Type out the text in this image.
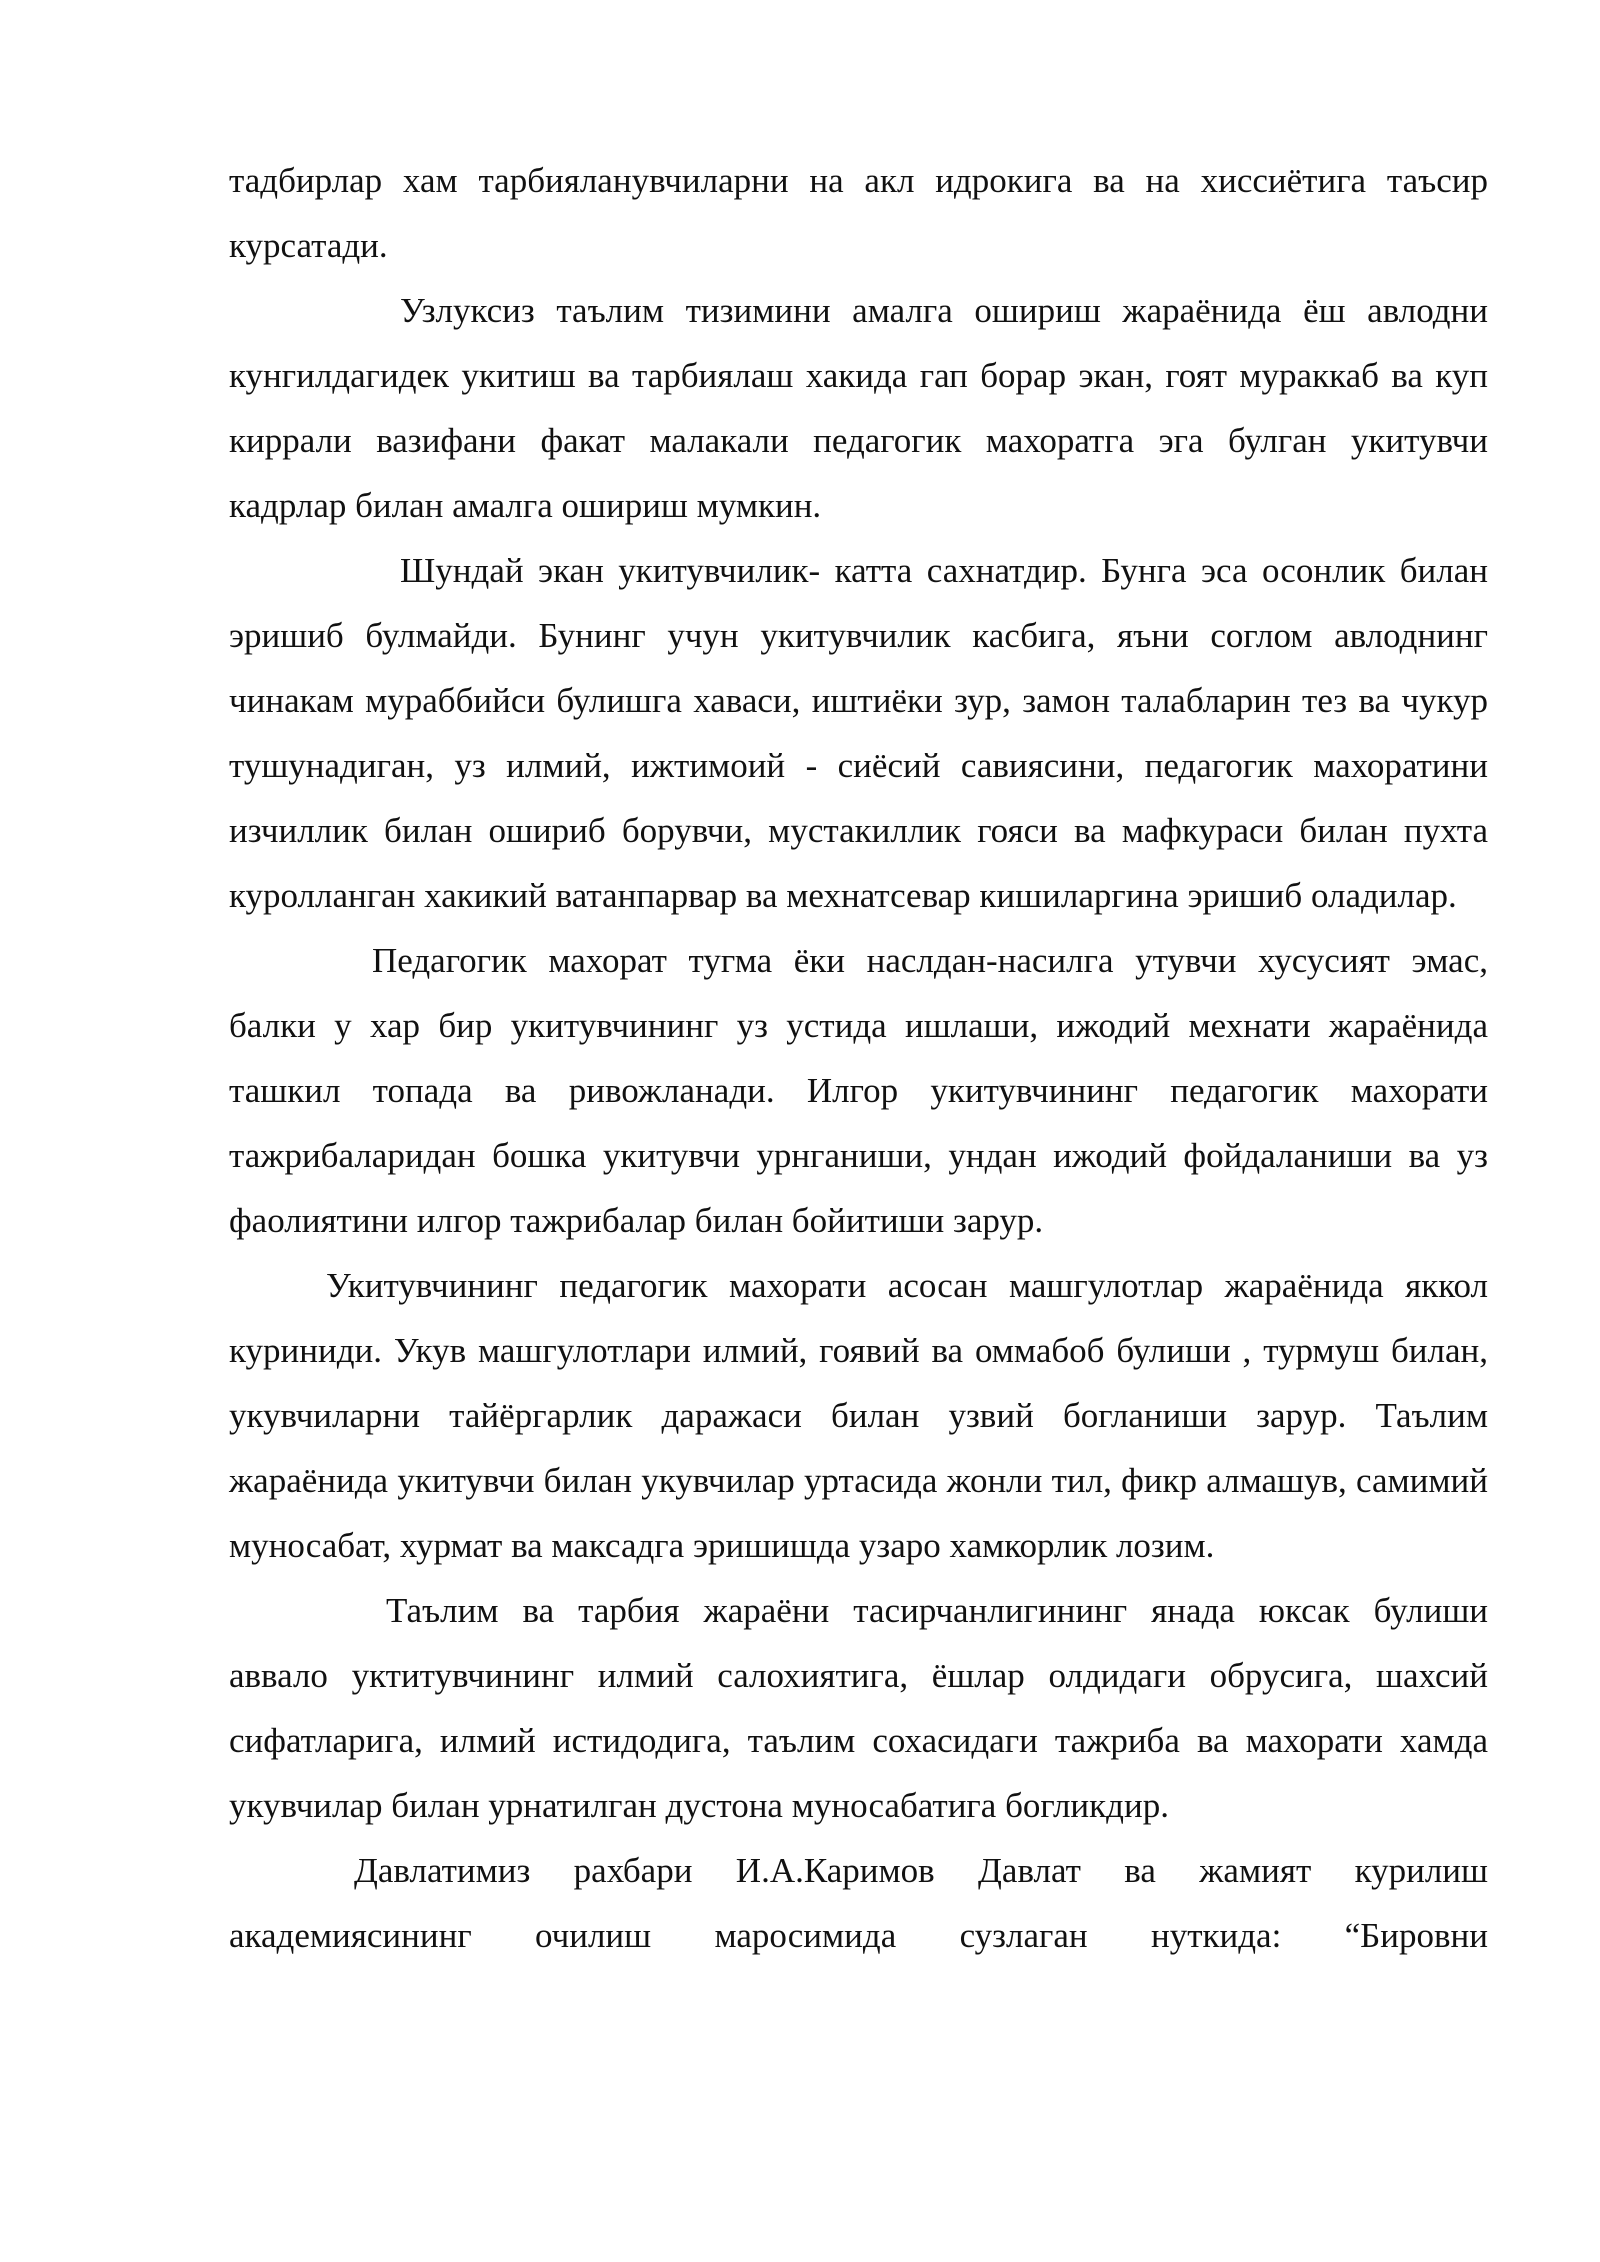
тадбирлар хам тарбияланувчиларни на акл идрокига ва на хиссиётига таъсир курсатади.

Узлуксиз таълим тизимини амалга ошириш жараёнида ёш авлодни кунгилдагидек укитиш ва тарбиялаш хакида гап борар экан, гоят мураккаб ва куп киррали вазифани факат малакали педагогик махоратга эга булган укитувчи кадрлар билан амалга ошириш мумкин.

Шундай экан укитувчилик- катта сахнатдир. Бунга эса осонлик билан эришиб булмайди. Бунинг учун укитувчилик касбига, яъни соглом авлоднинг чинакам мураббийси булишга хаваси, иштиёки зур, замон талабларин тез ва чукур тушунадиган, уз илмий, ижтимоий - сиёсий савиясини, педагогик махоратини изчиллик билан ошириб борувчи, мустакиллик гояси ва мафкураси билан пухта куролланган хакикий ватанпарвар ва мехнатсевар кишиларгина эришиб оладилар.

Педагогик махорат тугма ёки наслдан-насилга утувчи хусусият эмас, балки у хар бир укитувчининг уз устида ишлаши, ижодий мехнати жараёнида ташкил топада ва ривожланади. Илгор укитувчининг педагогик махорати тажрибаларидан бошка укитувчи урнганиши, ундан ижодий фойдаланиши ва уз фаолиятини илгор тажрибалар билан бойитиши зарур.

Укитувчининг педагогик махорати асосан машгулотлар жараёнида яккол куриниди. Укув машгулотлари илмий, гоявий ва оммабоб булиши , турмуш билан, укувчиларни тайёргарлик даражаси билан узвий богланиши зарур. Таълим жараёнида укитувчи билан укувчилар уртасида жонли тил, фикр алмашув, самимий муносабат, хурмат ва максадга эришишда узаро хамкорлик лозим.

Таълим ва тарбия жараёни тасирчанлигининг янада юксак булиши аввало уктитувчининг илмий салохиятига, ёшлар олдидаги обрусига, шахсий сифатларига, илмий истидодига, таълим сохасидаги тажриба ва махорати хамда укувчилар билан урнатилган дустона муносабатига богликдир.

Давлатимиз рахбари И.А.Каримов Давлат ва жамият курилиш академиясининг очилиш маросимида сузлаган нуткида: “Бировни
